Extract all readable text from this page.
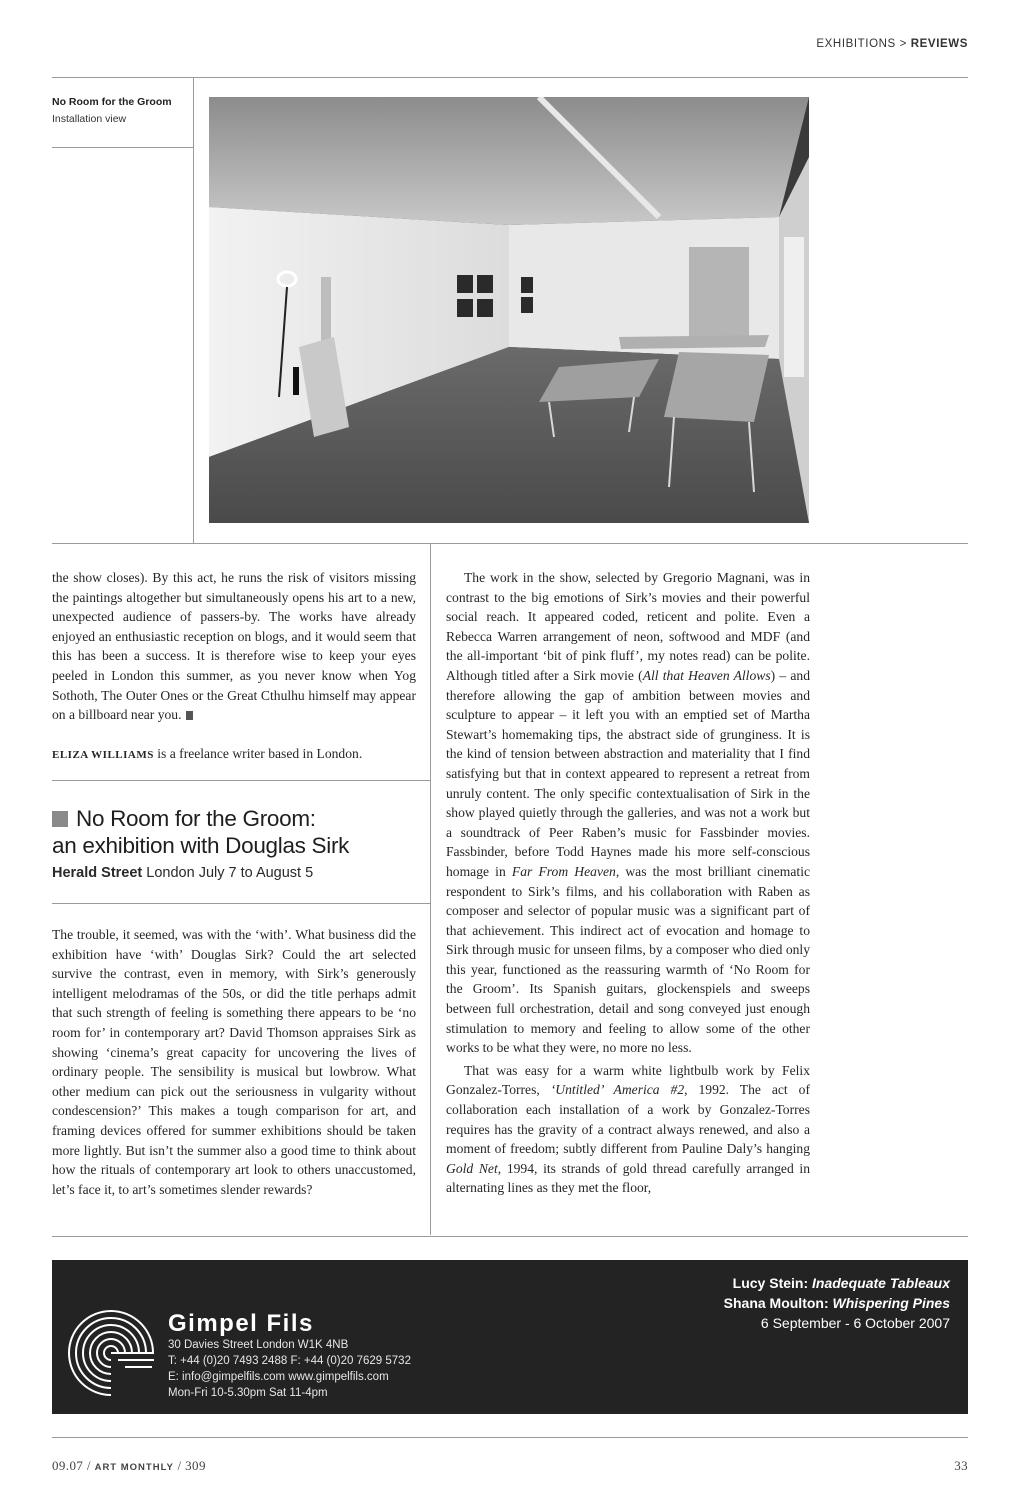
EXHIBITIONS > REVIEWS
No Room for the Groom
Installation view

the show closes). By this act, he runs the risk of visitors missing the paintings altogether but simultaneously opens his art to a new, unexpected audience of passers-by. The works have already enjoyed an enthusiastic reception on blogs, and it would seem that this has been a success. It is therefore wise to keep your eyes peeled in London this summer, as you never know when Yog Sothoth, The Outer Ones or the Great Cthulhu himself may appear on a billboard near you.

ELIZA WILLIAMS is a freelance writer based in London.

No Room for the Groom:
an exhibition with Douglas Sirk
Herald Street London July 7 to August 5

The trouble, it seemed, was with the ‘with’. What business did the exhibition have ‘with’ Douglas Sirk? Could the art selected survive the contrast, even in memory, with Sirk’s generously intelligent melodramas of the 50s, or did the title perhaps admit that such strength of feeling is something there appears to be ‘no room for’ in contemporary art? David Thomson appraises Sirk as showing ‘cinema’s great capacity for uncovering the lives of ordinary people. The sensibility is musical but lowbrow. What other medium can pick out the seriousness in vulgarity without condescension?’ This makes a tough comparison for art, and framing devices offered for summer exhibitions should be taken more lightly. But isn’t the summer also a good time to think about how the rituals of contemporary art look to others unaccustomed, let’s face it, to art’s sometimes slender rewards?

The work in the show, selected by Gregorio Magnani, was in contrast to the big emotions of Sirk’s movies and their powerful social reach. It appeared coded, reticent and polite. Even a Rebecca Warren arrangement of neon, softwood and MDF (and the all-important ‘bit of pink fluff’, my notes read) can be polite. Although titled after a Sirk movie (All that Heaven Allows) – and therefore allowing the gap of ambition between movies and sculpture to appear – it left you with an emptied set of Martha Stewart’s homemaking tips, the abstract side of grunginess. It is the kind of tension between abstraction and materiality that I find satisfying but that in context appeared to represent a retreat from unruly content. The only specific contextualisation of Sirk in the show played quietly through the galleries, and was not a work but a soundtrack of Peer Raben’s music for Fassbinder movies. Fassbinder, before Todd Haynes made his more self-conscious homage in Far From Heaven, was the most brilliant cinematic respondent to Sirk’s films, and his collaboration with Raben as composer and selector of popular music was a significant part of that achievement. This indirect act of evocation and homage to Sirk through music for unseen films, by a composer who died only this year, functioned as the reassuring warmth of ‘No Room for the Groom’. Its Spanish guitars, glockenspiels and sweeps between full orchestration, detail and song conveyed just enough stimulation to memory and feeling to allow some of the other works to be what they were, no more no less.

That was easy for a warm white lightbulb work by Felix Gonzalez-Torres, ‘Untitled’ America #2, 1992. The act of collaboration each installation of a work by Gonzalez-Torres requires has the gravity of a contract always renewed, and also a moment of freedom; subtly different from Pauline Daly’s hanging Gold Net, 1994, its strands of gold thread carefully arranged in alternating lines as they met the floor,

Gimpel Fils
30 Davies Street London W1K 4NB
T: +44 (0)20 7493 2488 F: +44 (0)20 7629 5732
E: info@gimpelfils.com www.gimpelfils.com
Mon-Fri 10-5.30pm Sat 11-4pm
Lucy Stein: Inadequate Tableaux
Shana Moulton: Whispering Pines
6 September - 6 October 2007
09.07 / ART MONTHLY / 309	33
